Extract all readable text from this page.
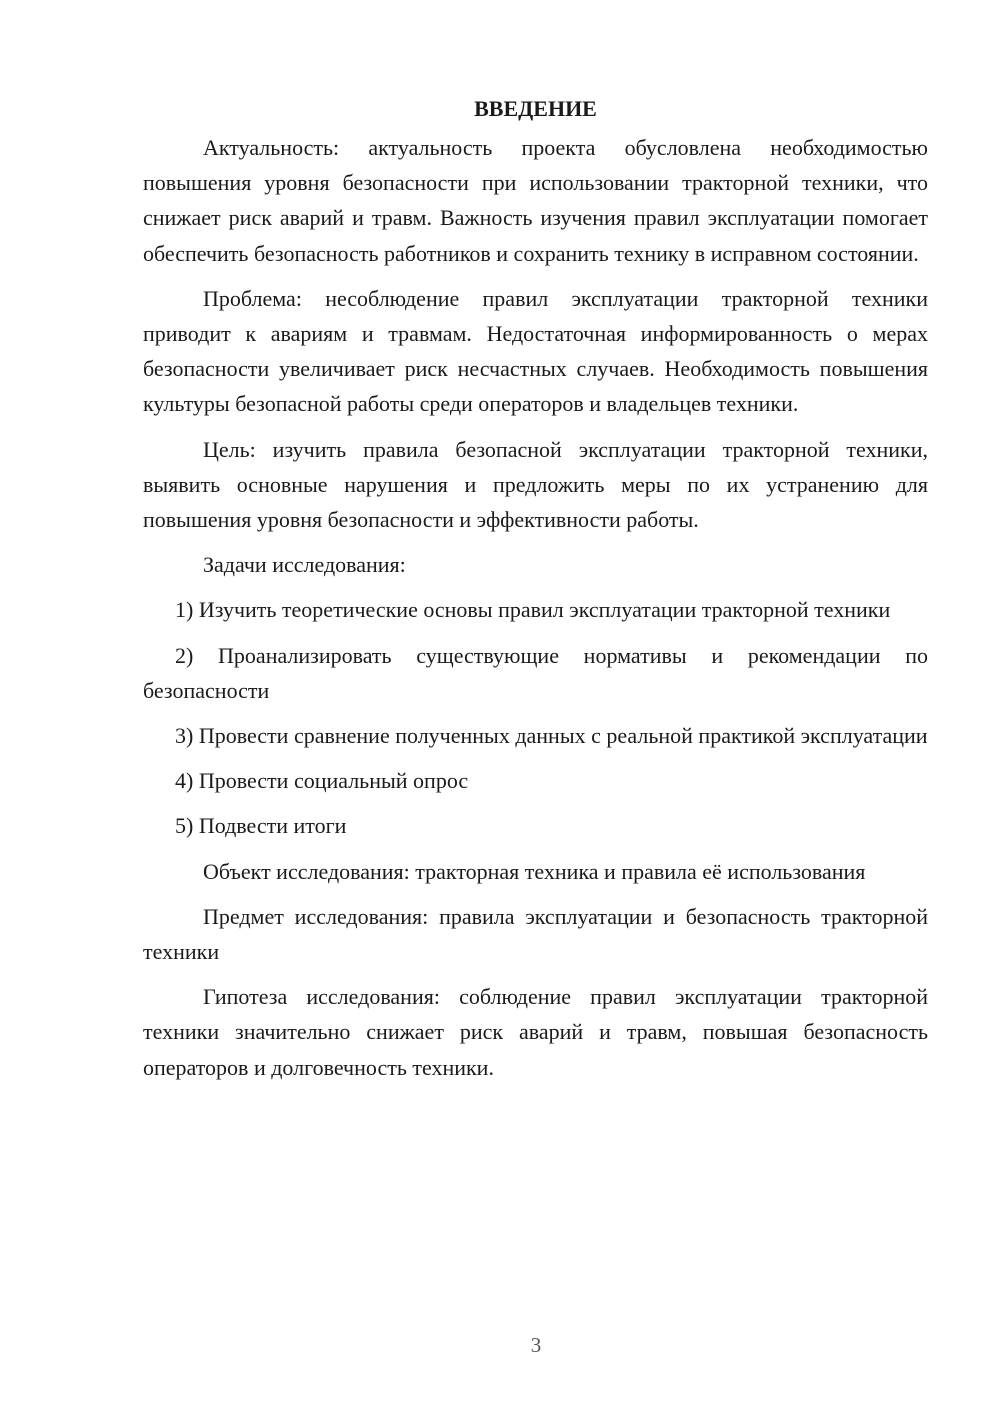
ВВЕДЕНИЕ

Актуальность: актуальность проекта обусловлена необходимостью повышения уровня безопасности при использовании тракторной техники, что снижает риск аварий и травм. Важность изучения правил эксплуатации помогает обеспечить безопасность работников и сохранить технику в исправном состоянии.

Проблема: несоблюдение правил эксплуатации тракторной техники приводит к авариям и травмам. Недостаточная информированность о мерах безопасности увеличивает риск несчастных случаев. Необходимость повышения культуры безопасной работы среди операторов и владельцев техники.

Цель: изучить правила безопасной эксплуатации тракторной техники, выявить основные нарушения и предложить меры по их устранению для повышения уровня безопасности и эффективности работы.

Задачи исследования:

1) Изучить теоретические основы правил эксплуатации тракторной техники

2) Проанализировать существующие нормативы и рекомендации по безопасности

3) Провести сравнение полученных данных с реальной практикой эксплуатации

4) Провести социальный опрос

5) Подвести итоги

Объект исследования: тракторная техника и правила её использования

Предмет исследования: правила эксплуатации и безопасность тракторной техники

Гипотеза исследования: соблюдение правил эксплуатации тракторной техники значительно снижает риск аварий и травм, повышая безопасность операторов и долговечность техники.

3
